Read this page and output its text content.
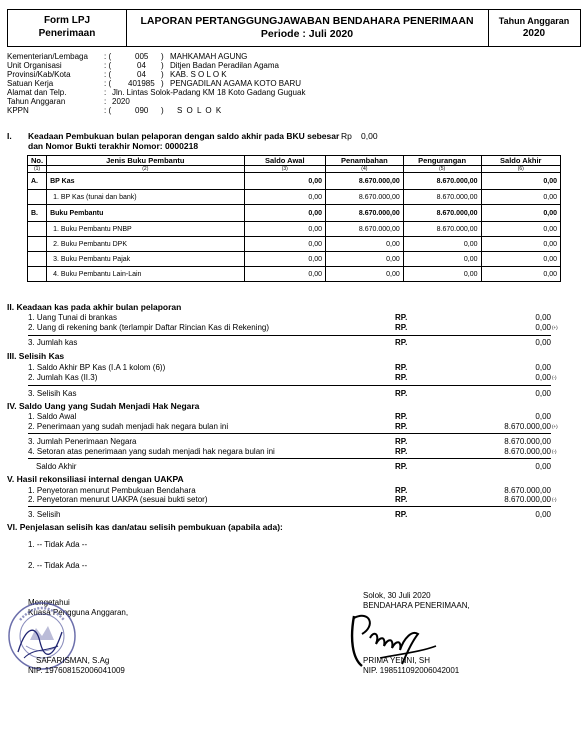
Form LPJ
Penerimaan
LAPORAN PERTANGGUNGJAWABAN BENDAHARA PENERIMAAN
Periode : Juli 2020
Tahun Anggaran
2020
Kementerian/Lembaga : (	005 ) MAHKAMAH AGUNG
Unit Organisasi	: (	04 ) Ditjen Badan Peradilan Agama
Provinsi/Kab/Kota	: (	04 ) KAB. S O L O K
Satuan Kerja	: ( 401985 ) PENGADILAN AGAMA KOTO BARU
Alamat dan Telp.	: Jln. Lintas Solok-Padang KM 18 Koto Gadang Guguak
Tahun Anggaran	: 2020
KPPN	: (	090 ) S O L O K
I. Keadaan Pembukuan bulan pelaporan dengan saldo akhir pada BKU sebesar Rp 0,00
dan Nomor Bukti terakhir Nomor: 0000218
No.	Jenis Buku Pembantu	Saldo Awal	Penambahan	Pengurangan	Saldo Akhir
(1)	(2)	(3)	(4)	(5)	(6)
A.	BP Kas	0,00	8.670.000,00	8.670.000,00	0,00
	1. BP Kas (tunai dan bank)	0,00	8.670.000,00	8.670.000,00	0,00
B.	Buku Pembantu	0,00	8.670.000,00	8.670.000,00	0,00
	1. Buku Pembantu PNBP	0,00	8.670.000,00	8.670.000,00	0,00
	2. Buku Pembantu DPK	0,00	0,00	0,00	0,00
	3. Buku Pembantu Pajak	0,00	0,00	0,00	0,00
	4. Buku Pembantu Lain-Lain	0,00	0,00	0,00	0,00
II. Keadaan kas pada akhir bulan pelaporan
1. Uang Tunai di brankas	RP.	0,00
2. Uang di rekening bank (terlampir Daftar Rincian Kas di Rekening)	RP.	0,00 (+)
3. Jumlah kas	RP.	0,00
III. Selisih Kas
1. Saldo Akhir BP Kas (I.A 1 kolom (6))	RP.	0,00
2. Jumlah Kas (II.3)	RP.	0,00 (-)
3. Selisih Kas	RP.	0,00
IV. Saldo Uang yang Sudah Menjadi Hak Negara
1. Saldo Awal	RP.	0,00
2. Penerimaan yang sudah menjadi hak negara bulan ini	RP.	8.670.000,00 (+)
3. Jumlah Penerimaan Negara	RP.	8.670.000,00
4. Setoran atas penerimaan yang sudah menjadi hak negara bulan ini	RP.	8.670.000,00 (-)
Saldo Akhir	RP.	0,00
V. Hasil rekonsiliasi internal dengan UAKPA
1. Penyetoran menurut Pembukuan Bendahara	RP.	8.670.000,00
2. Penyetoran menurut UAKPA (sesuai bukti setor)	RP.	8.670.000,00 (-)
3. Selisih	RP.	0,00
VI. Penjelasan selisih kas dan/atau selisih pembukuan (apabila ada):
1. -- Tidak Ada --
2. -- Tidak Ada --
Mengetahui
Kuasa Pengguna Anggaran,
SAFARISMAN, S.Ag
NIP. 197608152006041009
Solok, 30 Juli 2020
BENDAHARA PENERIMAAN,
PRIMA YENNI, SH
NIP. 198511092006042001
